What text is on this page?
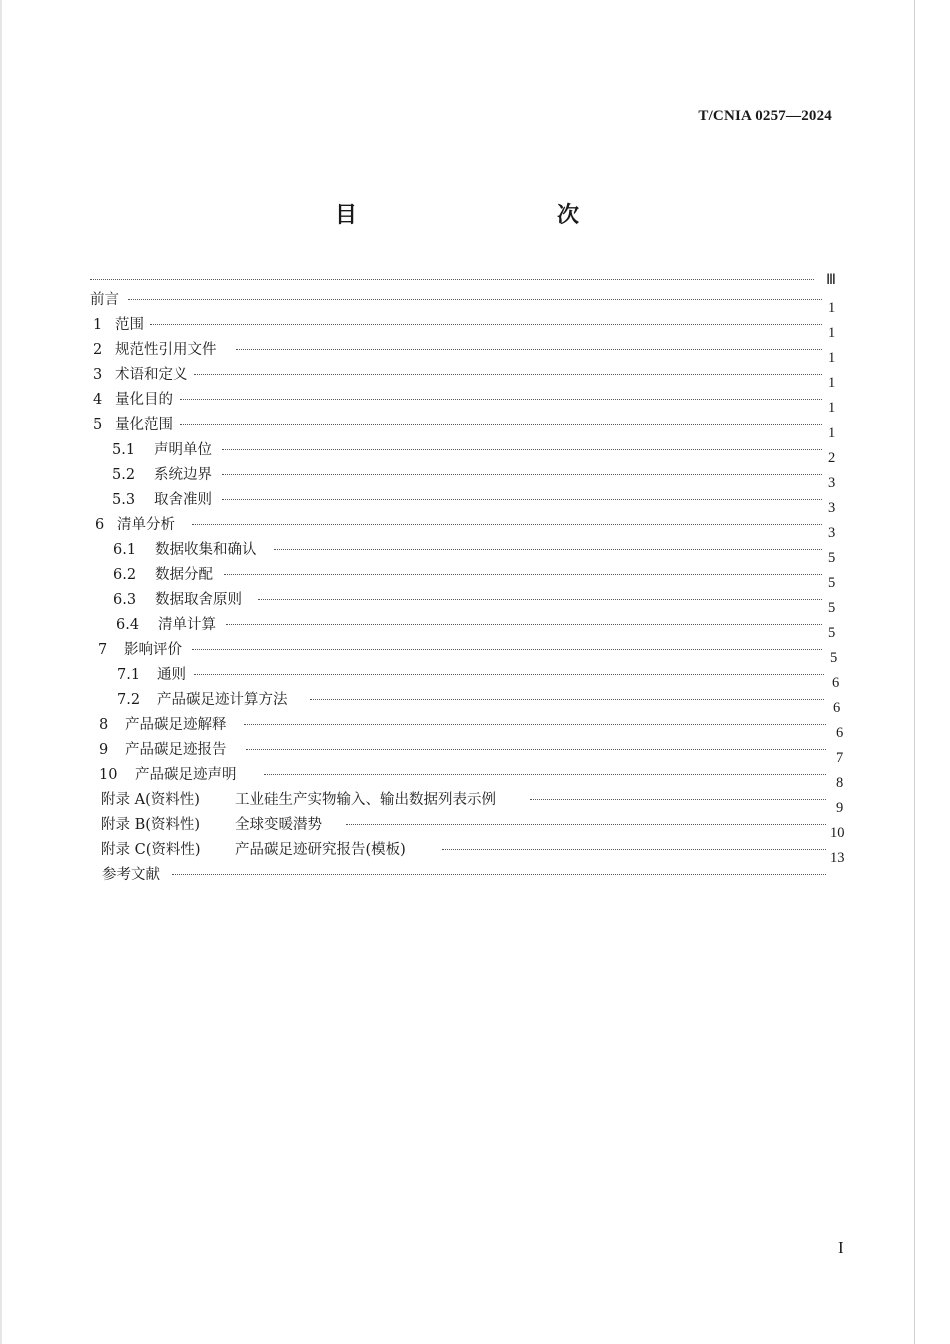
T/CNIA 0257—2024
目　　次
Ⅲ
前言	1
1 范围	1
2 规范性引用文件	1
3 术语和定义	1
4 量化目的	1
5 量化范围	1
5.1 声明单位	2
5.2 系统边界	3
5.3 取舍准则	3
6 清单分析	3
6.1 数据收集和确认	5
6.2 数据分配	5
6.3 数据取舍原则	5
6.4 清单计算	5
7 影响评价	5
7.1 通则	6
7.2 产品碳足迹计算方法	6
8 产品碳足迹解释	6
9 产品碳足迹报告	7
10 产品碳足迹声明	8
附录 A(资料性) 工业硅生产实物输入、输出数据列表示例	9
附录 B(资料性) 全球变暖潜势	10
附录 C(资料性) 产品碳足迹研究报告(模板)	13
参考文献
I
